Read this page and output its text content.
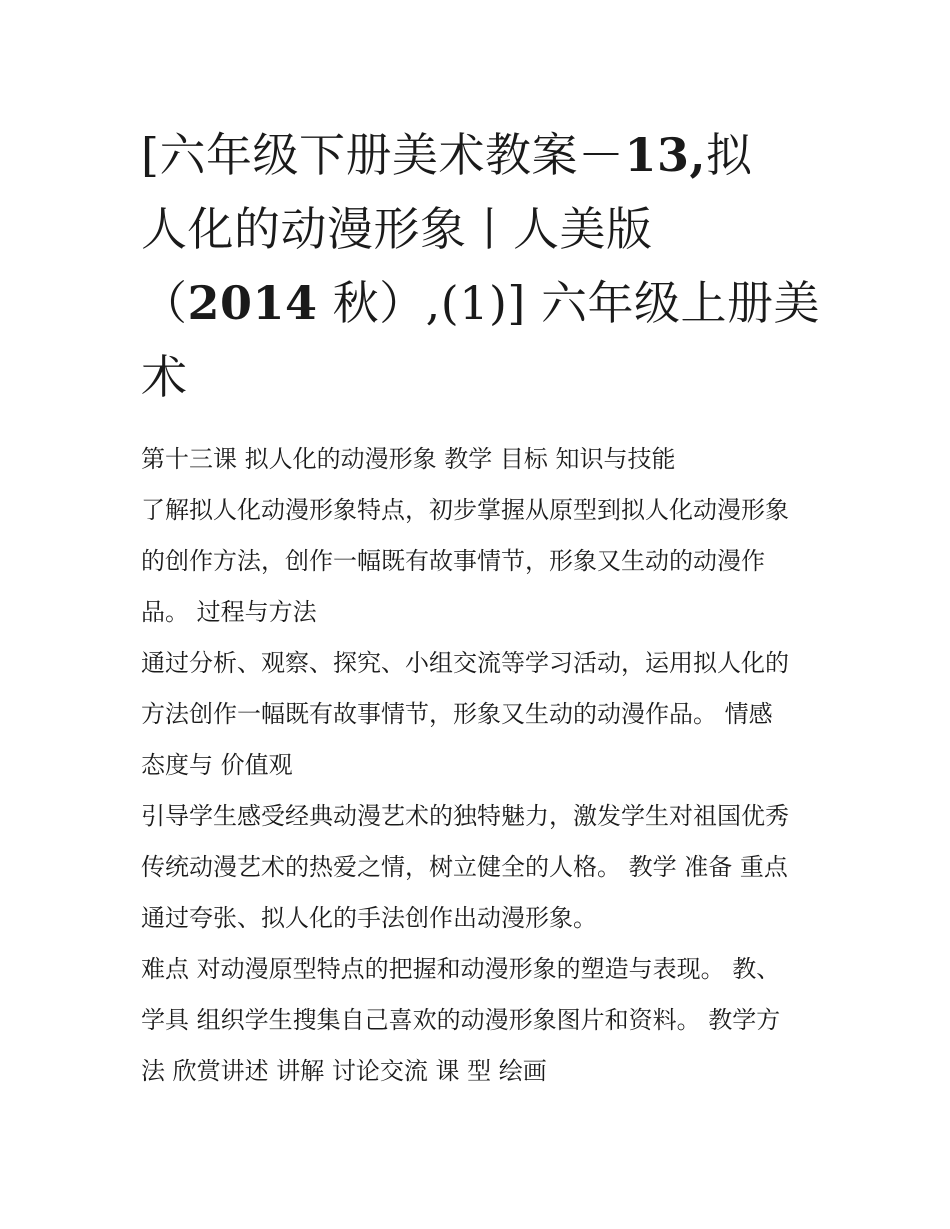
[六年级下册美术教案－13,拟
人化的动漫形象丨人美版
（2014 秋）,(1)] 六年级上册美
术

第十三课 拟人化的动漫形象 教学 目标 知识与技能

了解拟人化动漫形象特点，初步掌握从原型到拟人化动漫形象

的创作方法，创作一幅既有故事情节，形象又生动的动漫作

品。 过程与方法

通过分析、观察、探究、小组交流等学习活动，运用拟人化的

方法创作一幅既有故事情节，形象又生动的动漫作品。 情感

态度与 价值观

引导学生感受经典动漫艺术的独特魅力，激发学生对祖国优秀

传统动漫艺术的热爱之情，树立健全的人格。 教学 准备 重点

通过夸张、拟人化的手法创作出动漫形象。

难点 对动漫原型特点的把握和动漫形象的塑造与表现。 教、

学具 组织学生搜集自己喜欢的动漫形象图片和资料。 教学方

法 欣赏讲述 讲解 讨论交流 课 型 绘画
